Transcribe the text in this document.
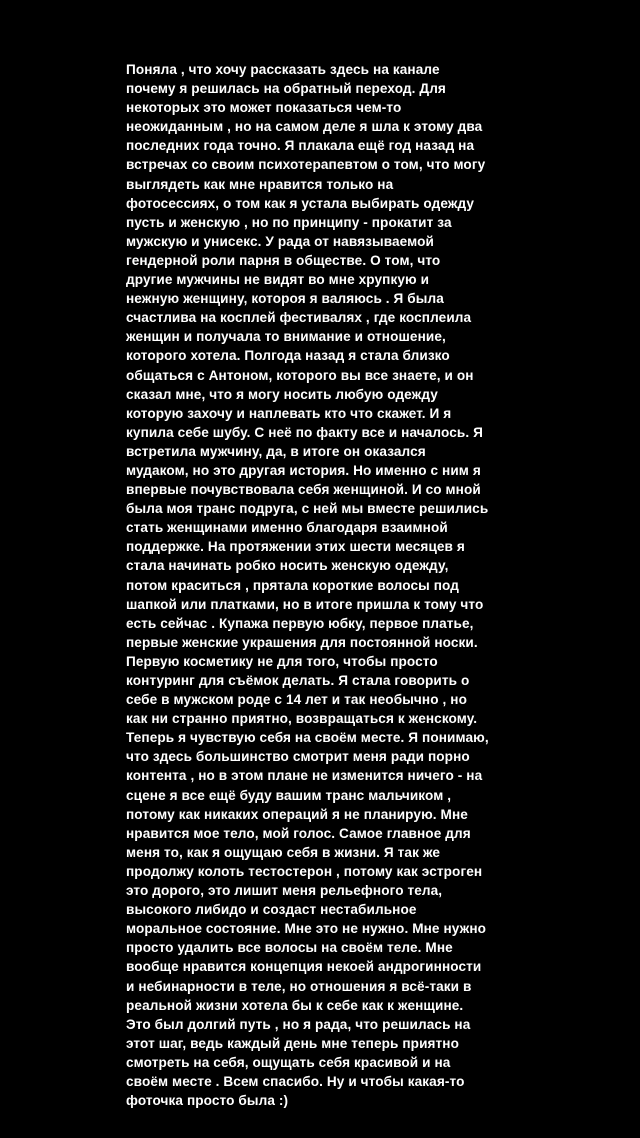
Поняла , что хочу рассказать здесь на канале
почему я решилась на обратный переход. Для
некоторых это может показаться чем-то
неожиданным , но на самом деле я шла к этому два
последних года точно. Я плакала ещё год назад на
встречах со своим психотерапевтом о том, что могу
выглядеть как мне нравится только на
фотосессиях, о том как я устала выбирать одежду
пусть и женскую , но по принципу - прокатит за
мужскую и унисекс. У рада от навязываемой
гендерной роли парня в обществе. О том, что
другие мужчины не видят во мне хрупкую и
нежную женщину, котороя я валяюсь . Я была
счастлива на косплей фестивалях , где косплеила
женщин и получала то внимание и отношение,
которого хотела. Полгода назад я стала близко
общаться с Антоном, которого вы все знаете, и он
сказал мне, что я могу носить любую одежду
которую захочу и наплевать кто что скажет. И я
купила себе шубу. С неё по факту все и началось. Я
встретила мужчину, да, в итоге он оказался
мудаком, но это другая история. Но именно с ним я
впервые почувствовала себя женщиной. И со мной
была моя транс подруга, с ней мы вместе решились
стать женщинами именно благодаря взаимной
поддержке. На протяжении этих шести месяцев я
стала начинать робко носить женскую одежду,
потом краситься , прятала короткие волосы под
шапкой или платками, но в итоге пришла к тому что
есть сейчас . Купажа первую юбку, первое платье,
первые женские украшения для постоянной носки.
Первую косметику не для того, чтобы просто
контуринг для съёмок делать. Я стала говорить о
себе в мужском роде с 14 лет и так необычно , но
как ни странно приятно, возвращаться к женскому.
Теперь я чувствую себя на своём месте. Я понимаю,
что здесь большинство смотрит меня ради порно
контента , но в этом плане не изменится ничего - на
сцене я все ещё буду вашим транс мальчиком ,
потому как никаких операций я не планирую. Мне
нравится мое тело, мой голос. Самое главное для
меня то, как я ощущаю себя в жизни. Я так же
продолжу колоть тестостерон , потому как эстроген
это дорого, это лишит меня рельефного тела,
высокого либидо и создаст нестабильное
моральное состояние. Мне это не нужно. Мне нужно
просто удалить все волосы на своём теле. Мне
вообще нравится концепция некоей андрогинности
и небинарности в теле, но отношения я всё-таки в
реальной жизни хотела бы к себе как к женщине.
Это был долгий путь , но я рада, что решилась на
этот шаг, ведь каждый день мне теперь приятно
смотреть на себя, ощущать себя красивой и на
своём месте . Всем спасибо. Ну и чтобы какая-то
фоточка просто была :)
